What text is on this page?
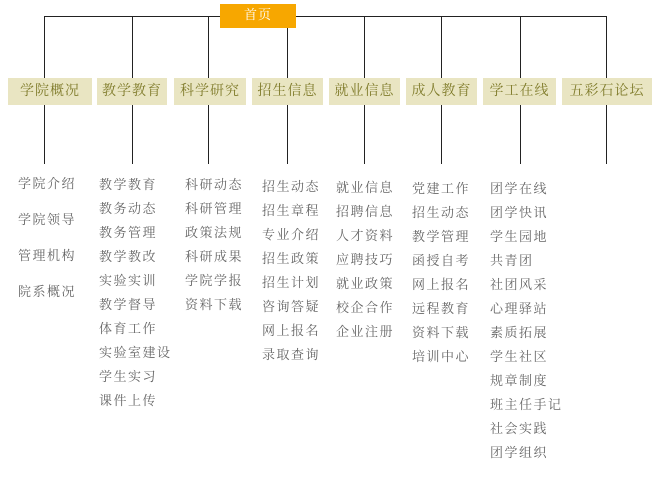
首页
学院概况	教学教育	科学研究	招生信息	就业信息	成人教育	学工在线	五彩石论坛
学院介绍
学院领导
管理机构
院系概况
教学教育
教务动态
教务管理
教学教改
实验实训
教学督导
体育工作
实验室建设
学生实习
课件上传
科研动态
科研管理
政策法规
科研成果
学院学报
资料下载
招生动态
招生章程
专业介绍
招生政策
招生计划
咨询答疑
网上报名
录取查询
就业信息
招聘信息
人才资料
应聘技巧
就业政策
校企合作
企业注册
党建工作
招生动态
教学管理
函授自考
网上报名
远程教育
资料下载
培训中心
团学在线
团学快讯
学生园地
共青团
社团风采
心理驿站
素质拓展
学生社区
规章制度
班主任手记
社会实践
团学组织
